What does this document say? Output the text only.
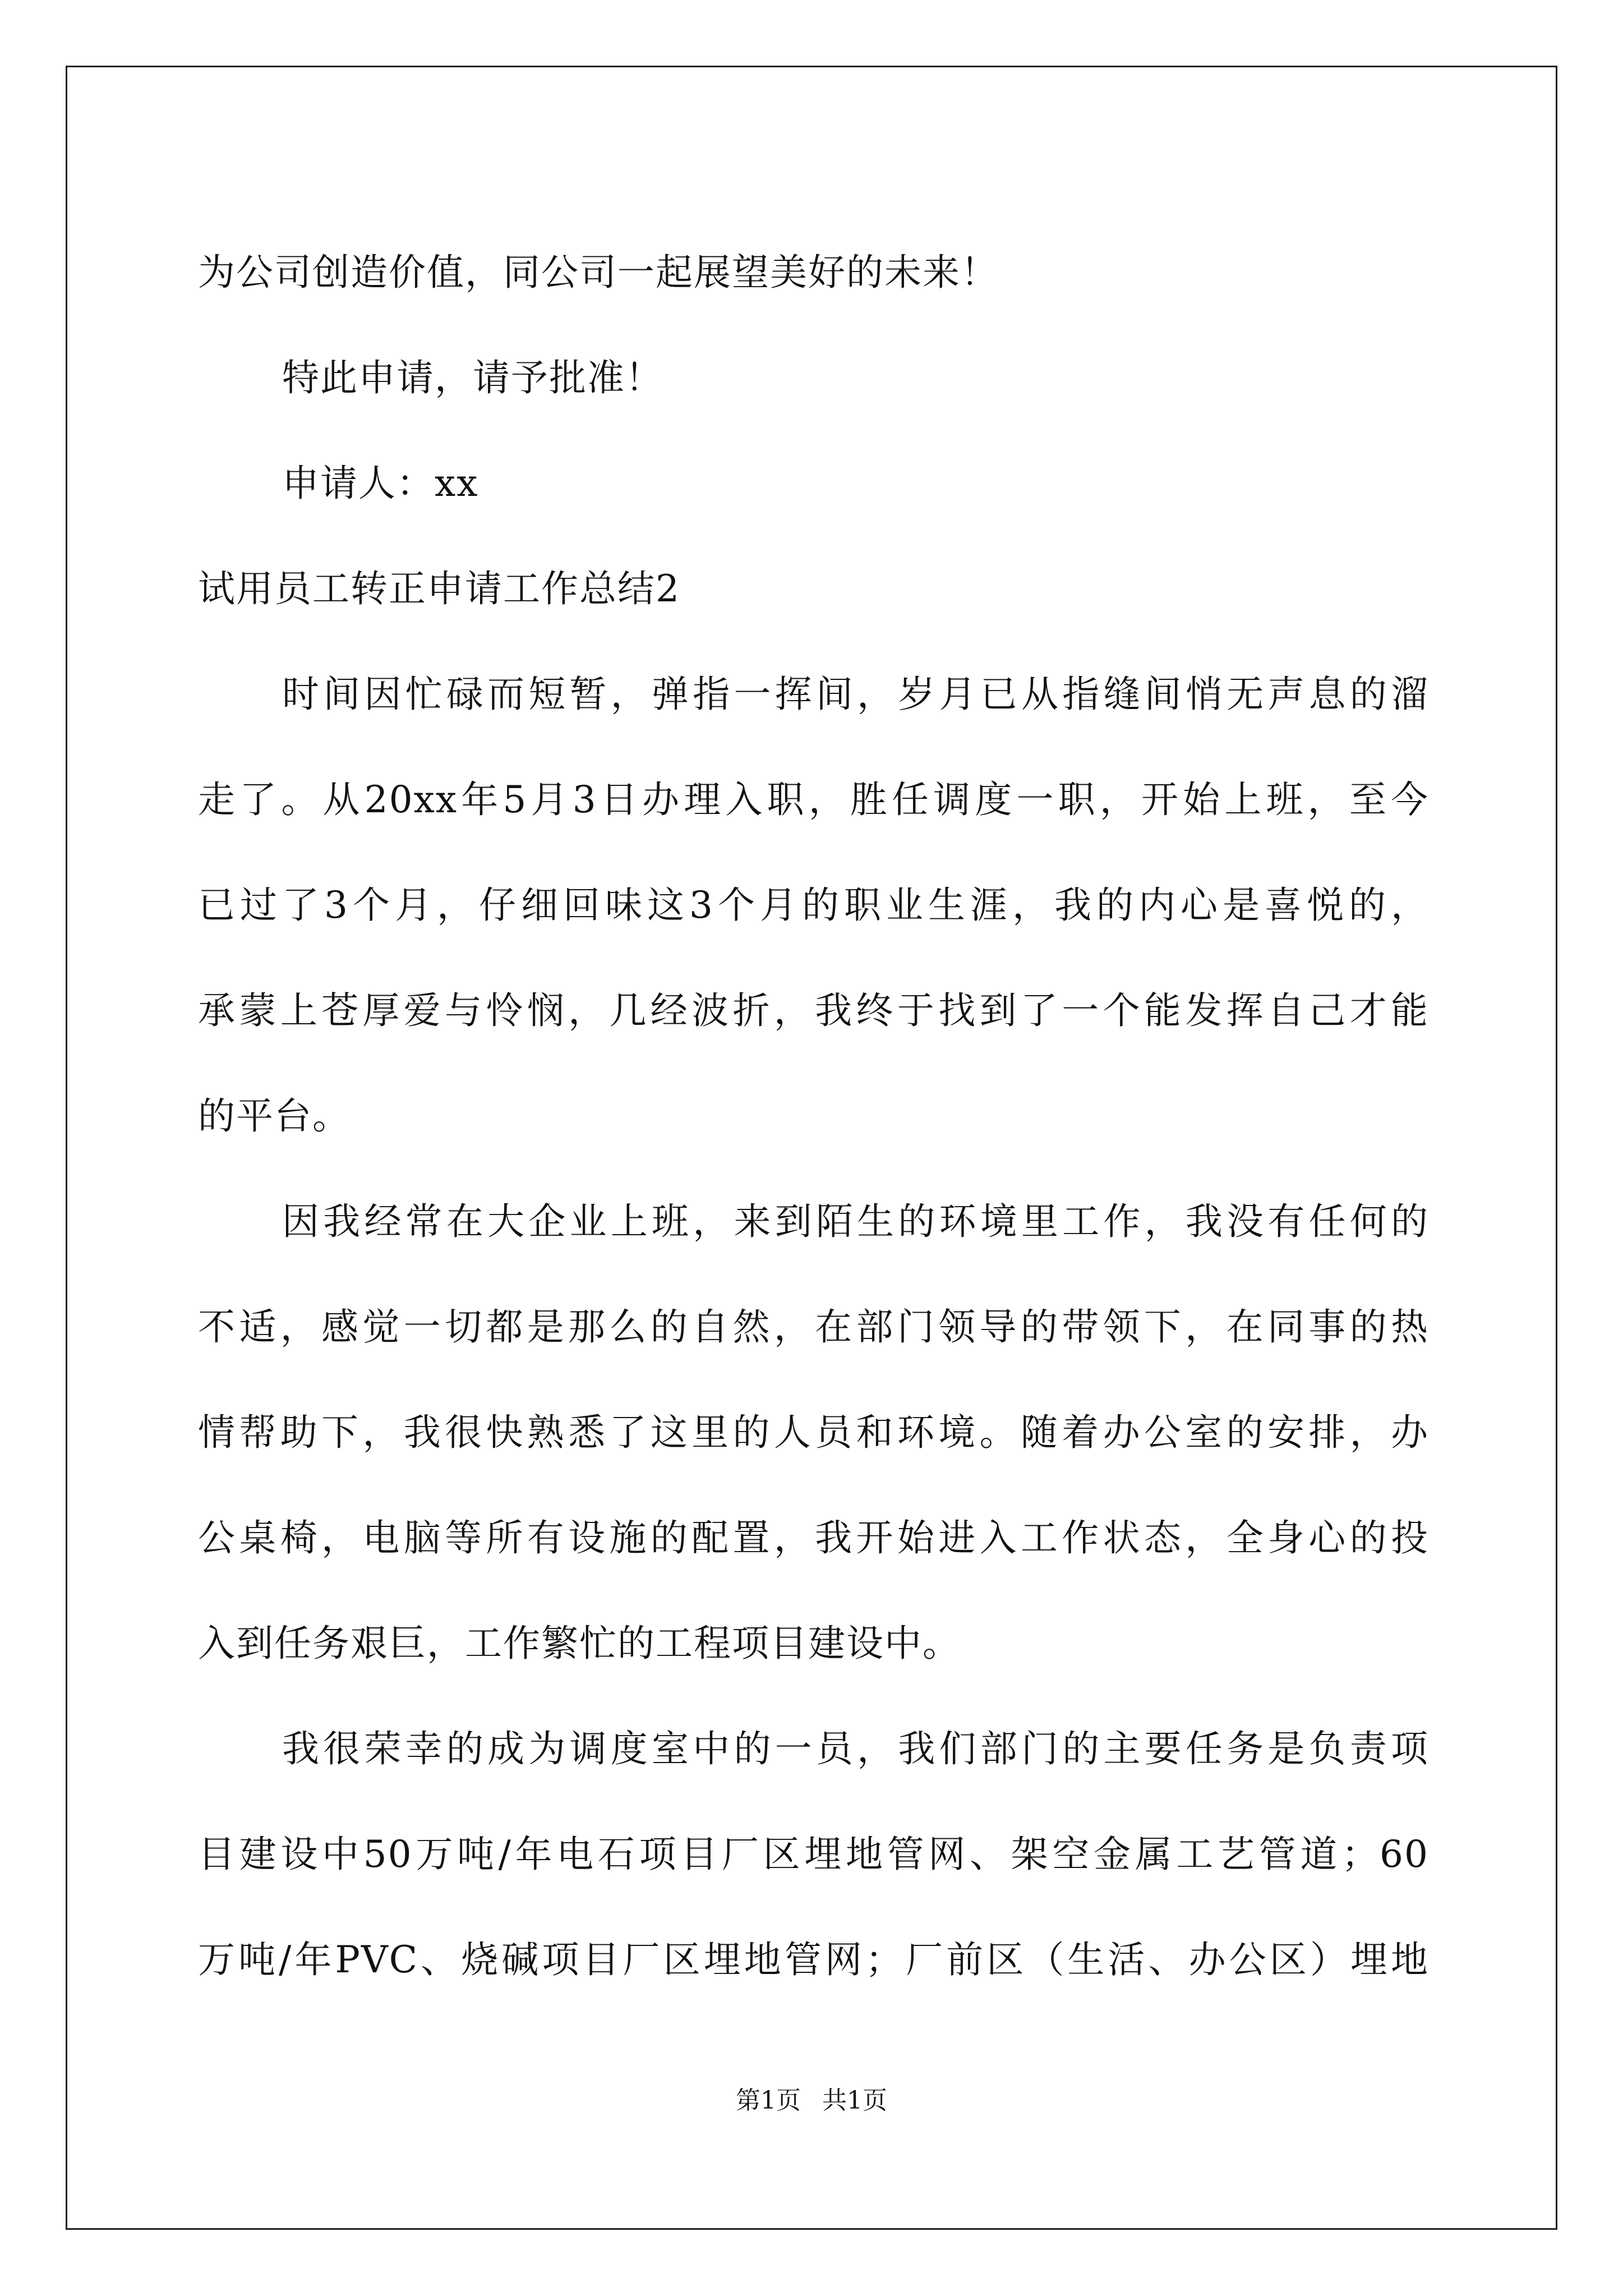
为公司创造价值，同公司一起展望美好的未来！
特此申请，请予批准！
申请人：xx
试用员工转正申请工作总结2
时间因忙碌而短暂，弹指一挥间，岁月已从指缝间悄无声息的溜
走了。从20xx年5月3日办理入职，胜任调度一职，开始上班，至今
已过了3个月，仔细回味这3个月的职业生涯，我的内心是喜悦的，
承蒙上苍厚爱与怜悯，几经波折，我终于找到了一个能发挥自己才能
的平台。
因我经常在大企业上班，来到陌生的环境里工作，我没有任何的
不适，感觉一切都是那么的自然，在部门领导的带领下，在同事的热
情帮助下，我很快熟悉了这里的人员和环境。随着办公室的安排，办
公桌椅，电脑等所有设施的配置，我开始进入工作状态，全身心的投
入到任务艰巨，工作繁忙的工程项目建设中。
我很荣幸的成为调度室中的一员，我们部门的主要任务是负责项
目建设中50万吨/年电石项目厂区埋地管网、架空金属工艺管道；60
万吨/年PVC、烧碱项目厂区埋地管网；厂前区（生活、办公区）埋地
第1页 共1页
